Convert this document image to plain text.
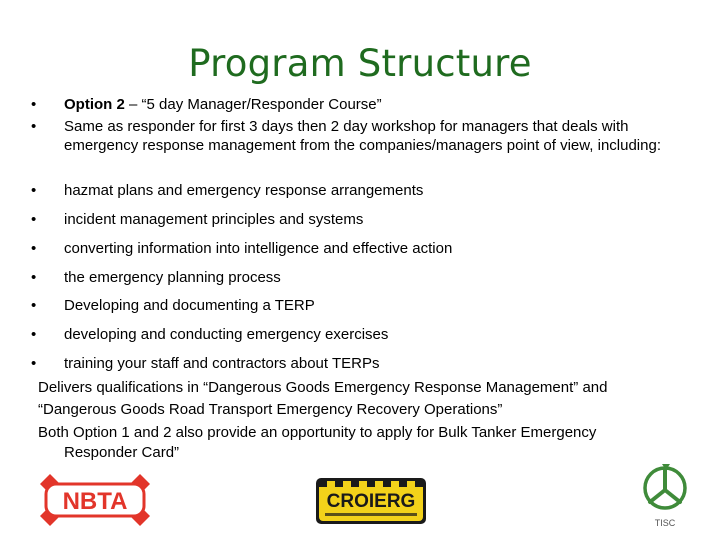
Program Structure
• Option 2 – “5 day Manager/Responder Course”
• Same as responder for first 3 days then 2 day workshop for managers that deals with emergency response management from the companies/managers point of view, including:
• hazmat plans and emergency response arrangements
• incident management principles and systems
• converting information into intelligence and effective action
• the emergency planning process
• Developing and documenting a TERP
• developing and conducting emergency exercises
• training your staff and contractors about TERPs
Delivers qualifications in “Dangerous Goods Emergency Response Management” and
“Dangerous Goods Road Transport Emergency Recovery Operations”
Both Option 1 and 2 also provide an opportunity to apply for Bulk Tanker Emergency
Responder Card”
NBTA	CROIERG
TISC
